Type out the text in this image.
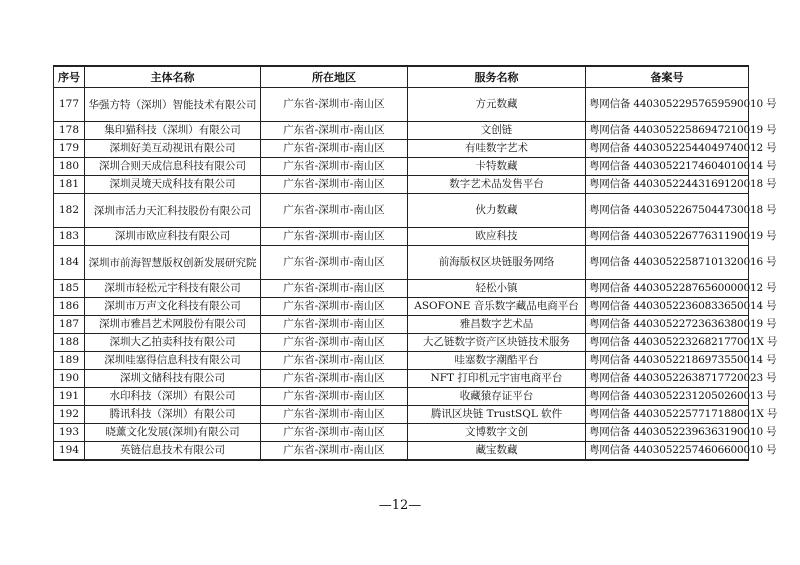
序号	主体名称	所在地区	服务名称	备案号
177	华强方特（深圳）智能技术有限公司	广东省-深圳市-南山区	方元数藏	粤网信备 44030522957659590010 号
178	集印猫科技（深圳）有限公司	广东省-深圳市-南山区	文创链	粤网信备 44030522586947210019 号
179	深圳好美互动视讯有限公司	广东省-深圳市-南山区	有哇数字艺术	粤网信备 44030522544049740012 号
180	深圳合则天成信息科技有限公司	广东省-深圳市-南山区	卡特数藏	粤网信备 44030522174604010014 号
181	深圳灵境天成科技有限公司	广东省-深圳市-南山区	数字艺术品发售平台	粤网信备 44030522443169120018 号
182	深圳市活力天汇科技股份有限公司	广东省-深圳市-南山区	伙力数藏	粤网信备 44030522675044730018 号
183	深圳市欧应科技有限公司	广东省-深圳市-南山区	欧应科技	粤网信备 44030522677631190019 号
184	深圳市前海智慧版权创新发展研究院	广东省-深圳市-南山区	前海版权区块链服务网络	粤网信备 44030522587101320016 号
185	深圳市轻松元宇科技有限公司	广东省-深圳市-南山区	轻松小镇	粤网信备 44030522876560000012 号
186	深圳市万声文化科技有限公司	广东省-深圳市-南山区	ASOFONE 音乐数字藏品电商平台	粤网信备 44030522360833650014 号
187	深圳市雅昌艺术网股份有限公司	广东省-深圳市-南山区	雅昌数字艺术品	粤网信备 44030522723636380019 号
188	深圳大乙拍卖科技有限公司	广东省-深圳市-南山区	大乙链数字资产区块链技术服务	粤网信备 44030522326821770​01X 号
189	深圳哇塞得信息科技有限公司	广东省-深圳市-南山区	哇塞数字潮酷平台	粤网信备 44030522186973550014 号
190	深圳文储科技有限公司	广东省-深圳市-南山区	NFT 打印机元宇宙电商平台	粤网信备 44030522638717720023 号
191	水印科技（深圳）有限公司	广东省-深圳市-南山区	收藏猿存证平台	粤网信备 44030522312050260013 号
192	腾讯科技（深圳）有限公司	广东省-深圳市-南山区	腾讯区块链 TrustSQL 软件	粤网信备 44030522577171880​01X 号
193	晓薰文化发展(深圳)有限公司	广东省-深圳市-南山区	文博数字文创	粤网信备 44030522396363190010 号
194	英链信息技术有限公司	广东省-深圳市-南山区	藏宝数藏	粤网信备 44030522574606600010 号
—12—
